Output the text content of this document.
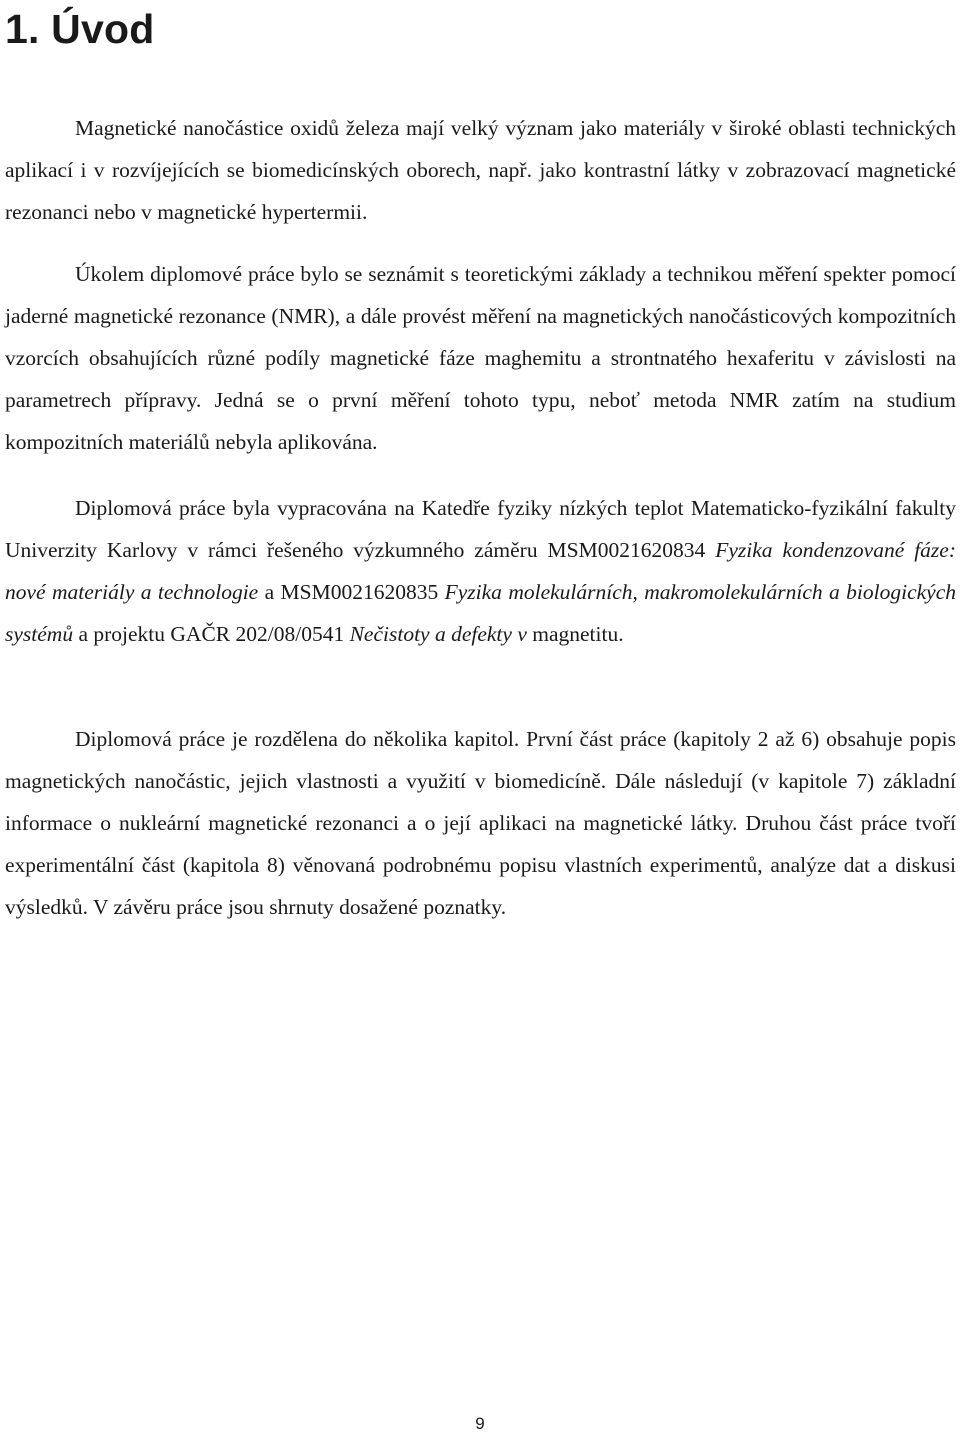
1. Úvod

Magnetické nanočástice oxidů železa mají velký význam jako materiály v široké oblasti technických aplikací i v rozvíjejících se biomedicínských oborech, např. jako kontrastní látky v zobrazovací magnetické rezonanci nebo v magnetické hypertermii.

Úkolem diplomové práce bylo se seznámit s teoretickými základy a technikou měření spekter pomocí jaderné magnetické rezonance (NMR), a dále provést měření na magnetických nanočásticových kompozitních vzorcích obsahujících různé podíly magnetické fáze maghemitu a strontnatého hexaferitu v závislosti na parametrech přípravy. Jedná se o první měření tohoto typu, neboť metoda NMR zatím na studium kompozitních materiálů nebyla aplikována.

Diplomová práce byla vypracována na Katedře fyziky nízkých teplot Matematicko-fyzikální fakulty Univerzity Karlovy v rámci řešeného výzkumného záměru MSM0021620834 Fyzika kondenzované fáze: nové materiály a technologie a MSM0021620835 Fyzika molekulárních, makromolekulárních a biologických systémů a projektu GAČR 202/08/0541 Nečistoty a defekty v magnetitu.

Diplomová práce je rozdělena do několika kapitol. První část práce (kapitoly 2 až 6) obsahuje popis magnetických nanočástic, jejich vlastnosti a využití v biomedicíně. Dále následují (v kapitole 7) základní informace o nukleární magnetické rezonanci a o její aplikaci na magnetické látky. Druhou část práce tvoří experimentální část (kapitola 8) věnovaná podrobnému popisu vlastních experimentů, analýze dat a diskusi výsledků. V závěru práce jsou shrnuty dosažené poznatky.

9
